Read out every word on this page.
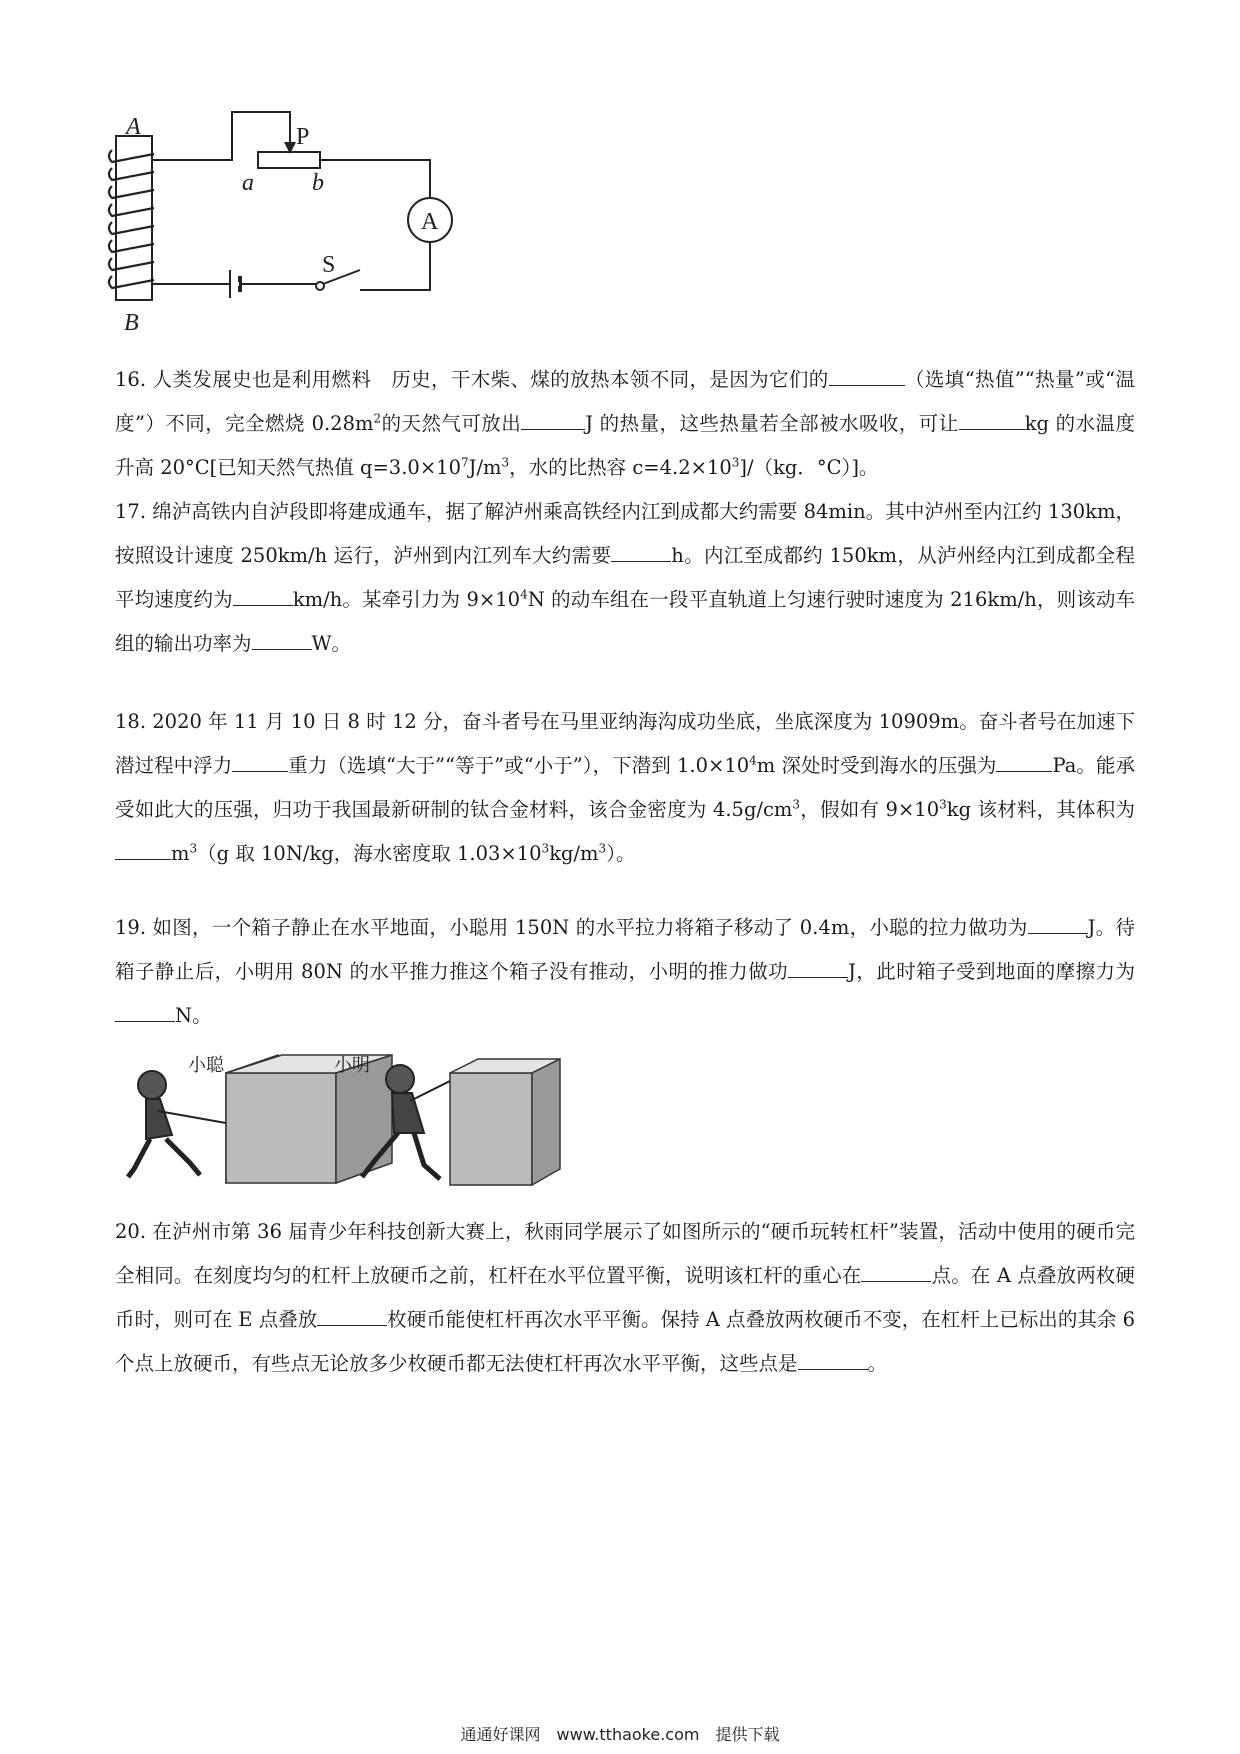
A
B
P
a b
A
S
16. 人类发展史也是利用燃料　历史，干木柴、煤的放热本领不同，是因为它们的	（选填“热值”“热量”或“温度”）不同，完全燃烧 $0.28m^2$的天然气可放出	J 的热量，这些热量若全部被水吸收，可让	kg 的水温度升高 20°C[已知天然气热值 $q=3.0\times 10^7J/m^3$，水的比热容 $c=4.2\times 10^3]/(kg$．°C）]。
17. 绵泸高铁内自泸段即将建成通车，据了解泸州乘高铁经内江到成都大约需要 84min。其中泸州至内江约 130km，按照设计速度 250km/h 运行，泸州到内江列车大约需要	h。内江至成都约 150km，从泸州经内江到成都全程　平均速度约为	km/h。某牵引力为 $9\times 10^4N$ 的动车组在一段平直轨道上匀速行驶时速度为 216km/h，则该动车组的输出功率为	W。
18. 2020 年 11 月 10 日 8 时 12 分，奋斗者号在马里亚纳海沟成功坐底，坐底深度为 10909m。奋斗者号在加速下潜过程中浮力	重力（选填“大于”“等于”或“小于”），下潜到 $1.0\times 10^4m$ 深处时受到海水的压强为	Pa。能承受如此大的压强，归功于我国最新研制的钛合金材料，该合金密度为 $4.5g/cm^3$，假如有 $9\times 10^3kg$ 该材料，其体积为$m^3(g$ 取 10N/kg，海水密度取 $1.03\times 10^3kg/m^3$）。
19. 如图，一个箱子静止在水平地面，小聪用 150N 的水平拉力将箱子移动了 0.4m，小聪的拉力做功为	J。待箱子静止后，小明用 80N 的水平推力推这个箱子没有推动，小明的推力做功	J，此时箱子受到地面的摩擦力为N。
小聪	小明
20. 在泸州市第 36 届青少年科技创新大赛上，秋雨同学展示了如图所示的“硬币玩转杠杆”装置，活动中使用的硬币完全相同。在刻度均匀的杠杆上放硬币之前，杠杆在水平位置平衡，说明该杠杆的重心在	点。在 A 点叠放两枚硬币时，则可在 E 点叠放	枚硬币能使杠杆再次水平平衡。保持 A 点叠放两枚硬币不变，在杠杆上已标出的其余 6 个点上放硬币，有些点无论放多少枚硬币都无法使杠杆再次水平平衡，这些点是	。
通通好课网　www.tthaoke.com　提供下载
